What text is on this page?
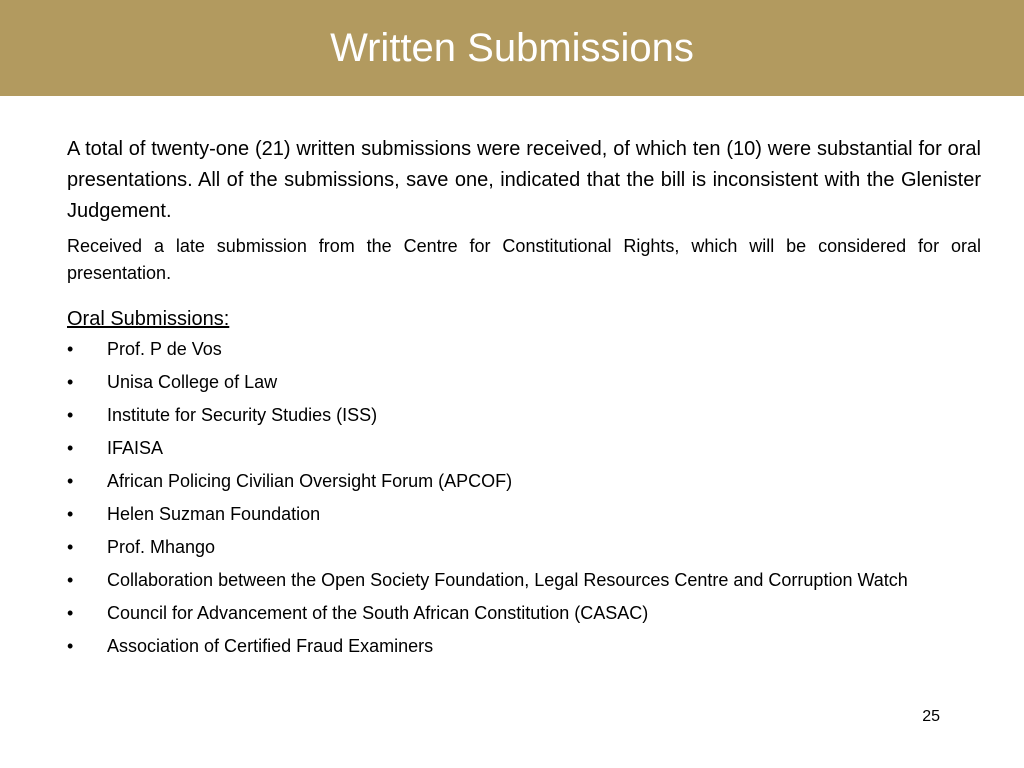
Written Submissions

A total of twenty-one (21) written submissions were received, of which ten (10) were substantial for oral presentations. All of the submissions, save one, indicated that the bill is inconsistent with the Glenister Judgement.

Received a late submission from the Centre for Constitutional Rights, which will be considered for oral presentation.

Oral Submissions:
•	Prof. P de Vos
•	Unisa College of Law
•	Institute for Security Studies (ISS)
•	IFAISA
•	African Policing Civilian Oversight Forum (APCOF)
•	Helen Suzman Foundation
•	Prof. Mhango
•	Collaboration between the Open Society Foundation, Legal Resources Centre and Corruption Watch
•	Council for Advancement of the South African Constitution (CASAC)
•	Association of Certified Fraud Examiners
25
